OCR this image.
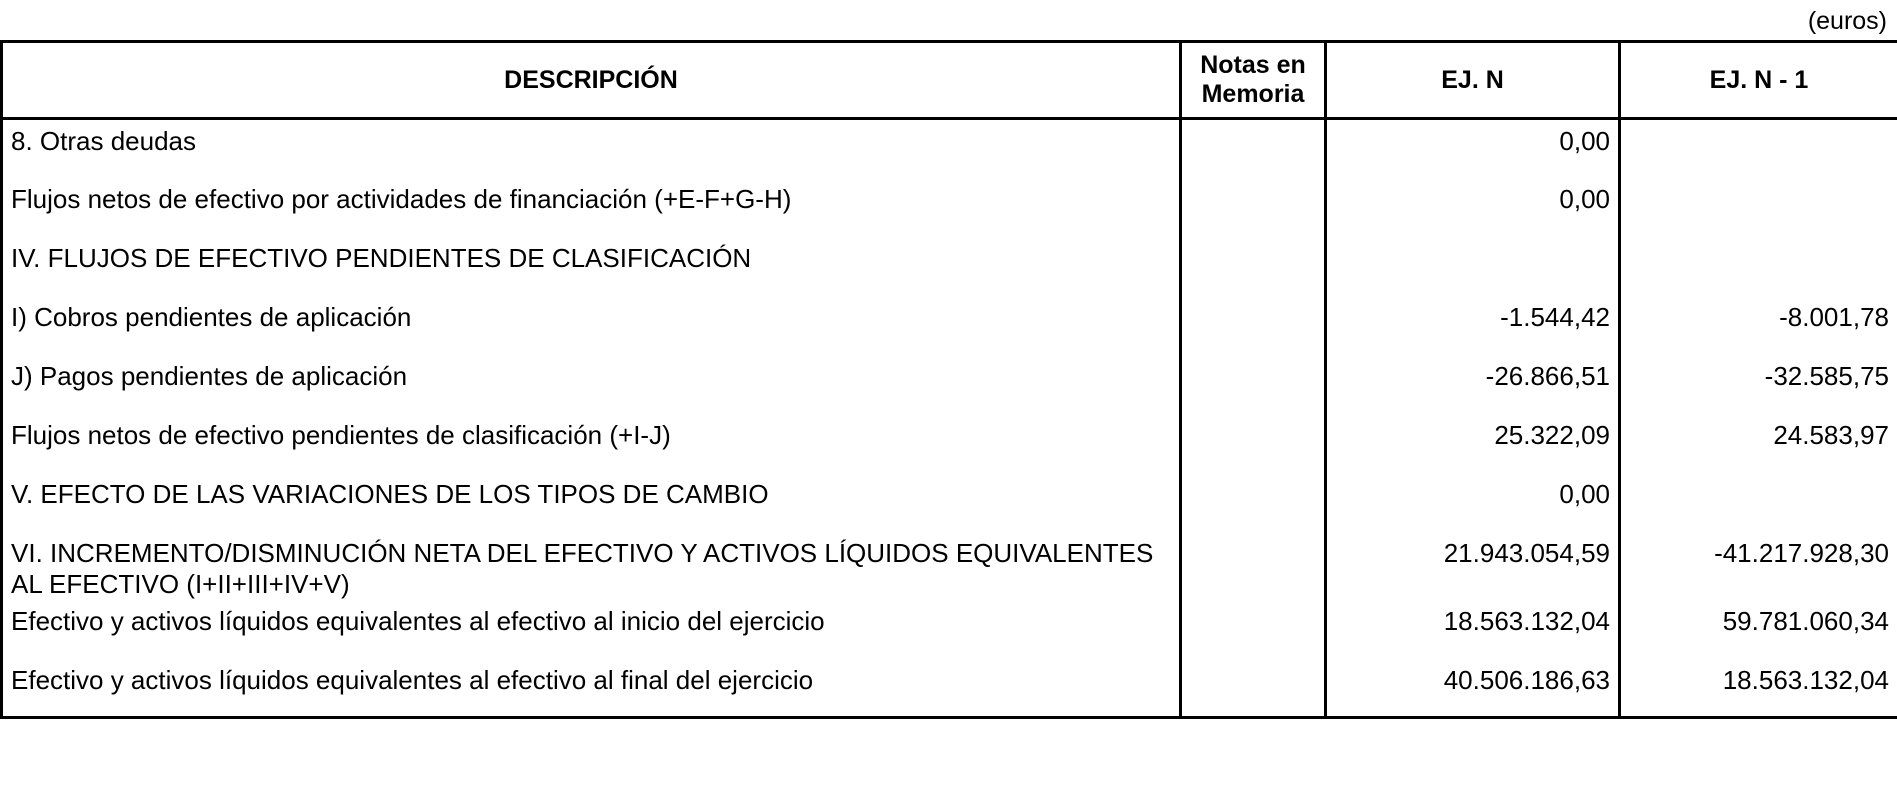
(euros)
DESCRIPCIÓN	Notas en Memoria	EJ. N	EJ. N - 1
8. Otras deudas		0,00	
Flujos netos de efectivo por actividades de financiación (+E-F+G-H)		0,00	
IV. FLUJOS DE EFECTIVO PENDIENTES DE CLASIFICACIÓN			
I) Cobros pendientes de aplicación		-1.544,42	-8.001,78
J) Pagos pendientes de aplicación		-26.866,51	-32.585,75
Flujos netos de efectivo pendientes de clasificación (+I-J)		25.322,09	24.583,97
V. EFECTO DE LAS VARIACIONES DE LOS TIPOS DE CAMBIO		0,00	
VI. INCREMENTO/DISMINUCIÓN NETA DEL EFECTIVO Y ACTIVOS LÍQUIDOS EQUIVALENTES AL EFECTIVO (I+II+III+IV+V)		21.943.054,59	-41.217.928,30
Efectivo y activos líquidos equivalentes al efectivo al inicio del ejercicio		18.563.132,04	59.781.060,34
Efectivo y activos líquidos equivalentes al efectivo al final del ejercicio		40.506.186,63	18.563.132,04
